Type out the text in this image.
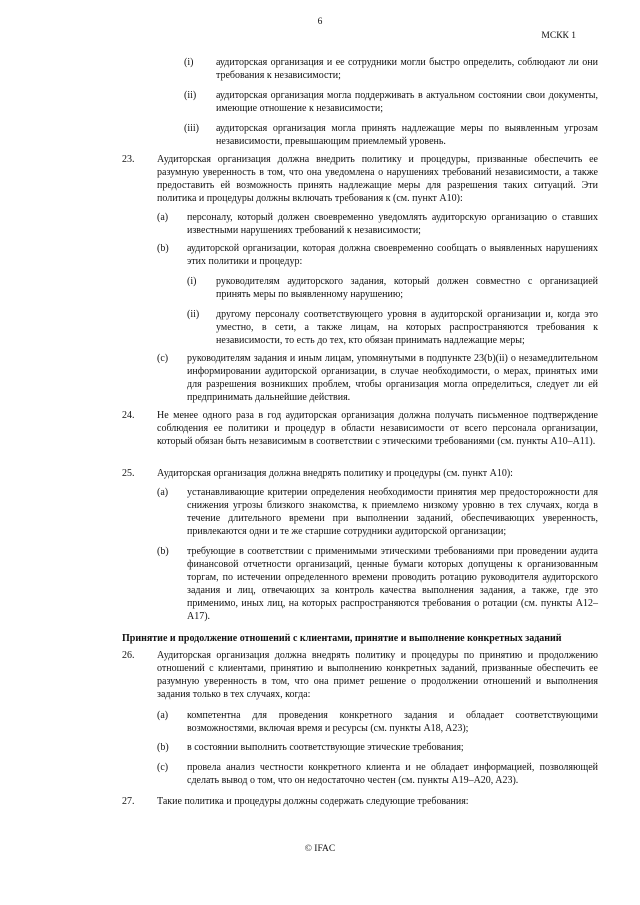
6
МСКК 1
(i) аудиторская организация и ее сотрудники могли быстро определить, соблюдают ли они требования к независимости;
(ii) аудиторская организация могла поддерживать в актуальном состоянии свои документы, имеющие отношение к независимости;
(iii) аудиторская организация могла принять надлежащие меры по выявленным угрозам независимости, превышающим приемлемый уровень.
23. Аудиторская организация должна внедрить политику и процедуры, призванные обеспечить ее разумную уверенность в том, что она уведомлена о нарушениях требований независимости, а также предоставить ей возможность принять надлежащие меры для разрешения таких ситуаций. Эти политика и процедуры должны включать требования к (см. пункт A10):
(a) персоналу, который должен своевременно уведомлять аудиторскую организацию о ставших известными нарушениях требований к независимости;
(b) аудиторской организации, которая должна своевременно сообщать о выявленных нарушениях этих политики и процедур:
(i) руководителям аудиторского задания, который должен совместно с организацией принять меры по выявленному нарушению;
(ii) другому персоналу соответствующего уровня в аудиторской организации и, когда это уместно, в сети, а также лицам, на которых распространяются требования к независимости, то есть до тех, кто обязан принимать надлежащие меры;
(c) руководителям задания и иным лицам, упомянутыми в подпункте 23(b)(ii) о незамедлительном информировании аудиторской организации, в случае необходимости, о мерах, принятых ими для разрешения возникших проблем, чтобы организация могла определиться, следует ли ей предпринимать дальнейшие действия.
24. Не менее одного раза в год аудиторская организация должна получать письменное подтверждение соблюдения ее политики и процедур в области независимости от всего персонала организации, который обязан быть независимым в соответствии с этическими требованиями (см. пункты A10–A11).
25. Аудиторская организация должна внедрять политику и процедуры (см. пункт A10):
(a) устанавливающие критерии определения необходимости принятия мер предосторожности для снижения угрозы близкого знакомства, к приемлемо низкому уровню в тех случаях, когда в течение длительного времени при выполнении заданий, обеспечивающих уверенность, привлекаются одни и те же старшие сотрудники аудиторской организации;
(b) требующие в соответствии с применимыми этическими требованиями при проведении аудита финансовой отчетности организаций, ценные бумаги которых допущены к организованным торгам, по истечении определенного времени проводить ротацию руководителя аудиторского задания и лиц, отвечающих за контроль качества выполнения задания, а также, где это применимо, иных лиц, на которых распространяются требования о ротации (см. пункты A12–A17).
Принятие и продолжение отношений с клиентами, принятие и выполнение конкретных заданий
26. Аудиторская организация должна внедрять политику и процедуры по принятию и продолжению отношений с клиентами, принятию и выполнению конкретных заданий, призванные обеспечить ее разумную уверенность в том, что она примет решение о продолжении отношений и выполнения задания только в тех случаях, когда:
(a) компетентна для проведения конкретного задания и обладает соответствующими возможностями, включая время и ресурсы (см. пункты A18, A23);
(b) в состоянии выполнить соответствующие этические требования;
(c) провела анализ честности конкретного клиента и не обладает информацией, позволяющей сделать вывод о том, что он недостаточно честен (см. пункты A19–A20, A23).
27. Такие политика и процедуры должны содержать следующие требования:
© IFAC
